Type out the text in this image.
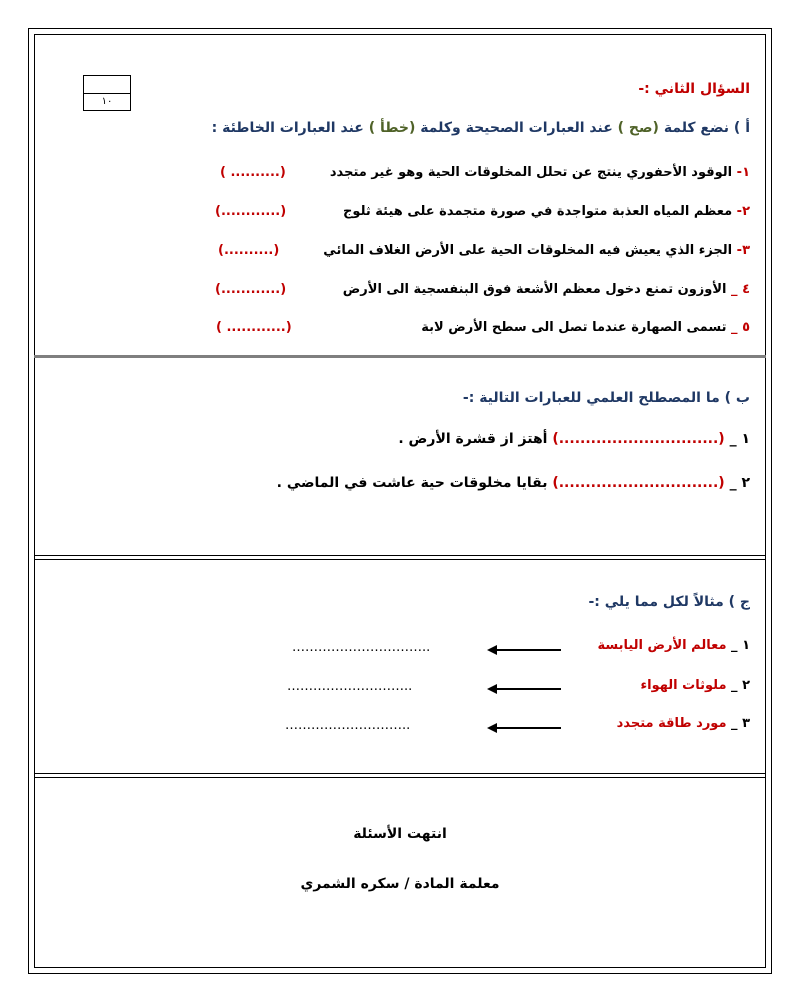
١٠
السؤال الثاني :-
أ ) نضع كلمة (صح ) عند العبارات الصحيحة وكلمة (خطأ ) عند العبارات الخاطئة :
١- الوقود الأحفوري ينتج عن تحلل المخلوقات الحية وهو غير متجدد
( ..........)
٢- معظم المياه العذبة متواجدة في صورة متجمدة على هيئة ثلوج
(............)
٣- الجزء الذي يعيش فيه المخلوقات الحية على الأرض الغلاف المائي
(..........)
٤ _ الأوزون تمنع دخول معظم الأشعة فوق البنفسجية الى الأرض
(............)
٥ _ تسمى الصهارة عندما تصل الى سطح الأرض لابة
( ............)
ب ) ما المصطلح العلمي للعبارات التالية :-
١ _ (..............................) أهتز از قشرة الأرض .
٢ _ (..............................) بقايا مخلوقات حية عاشت في الماضي .
ج ) مثالاً لكل مما يلي :-
١ _ معالم الأرض اليابسة
…………………………..
٢ _ ملوثات الهواء
………………………..
٣ _ مورد طاقة متجدد
………………………..
انتهت الأسئلة
معلمة المادة / سكره الشمري
